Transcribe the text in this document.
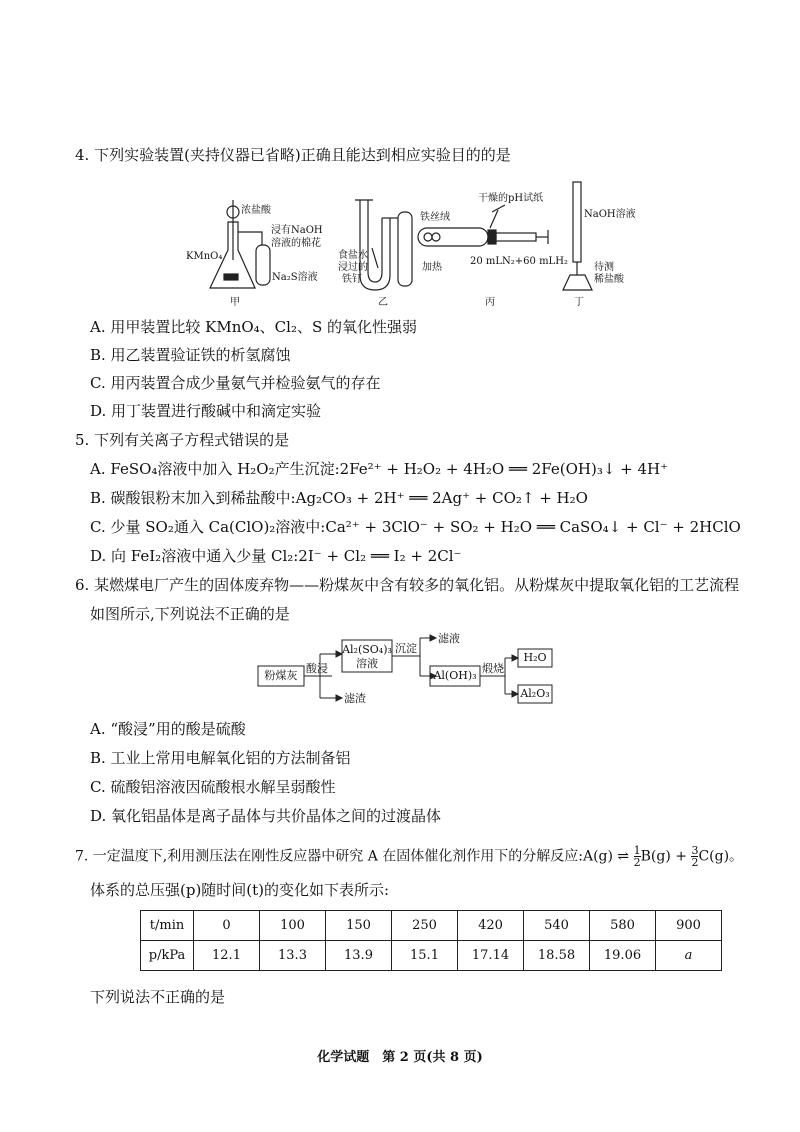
4. 下列实验装置(夹持仪器已省略)正确且能达到相应实验目的的是
浓盐酸
浸有NaOH
溶液的棉花
KMnO₄
Na₂S溶液
甲
食盐水
浸过的
铁钉
乙
铁丝绒
加热
干燥的pH试纸
20 mLN₂+60 mLH₂
丙
NaOH溶液
待测
稀盐酸
丁
A. 用甲装置比较 KMnO₄、Cl₂、S 的氧化性强弱
B. 用乙装置验证铁的析氢腐蚀
C. 用丙装置合成少量氨气并检验氨气的存在
D. 用丁装置进行酸碱中和滴定实验
5. 下列有关离子方程式错误的是
A. FeSO₄溶液中加入 H₂O₂产生沉淀:2Fe²⁺ + H₂O₂ + 4H₂O ══ 2Fe(OH)₃↓ + 4H⁺
B. 碳酸银粉末加入到稀盐酸中:Ag₂CO₃ + 2H⁺ ══ 2Ag⁺ + CO₂↑ + H₂O
C. 少量 SO₂通入 Ca(ClO)₂溶液中:Ca²⁺ + 3ClO⁻ + SO₂ + H₂O ══ CaSO₄↓ + Cl⁻ + 2HClO
D. 向 FeI₂溶液中通入少量 Cl₂:2I⁻ + Cl₂ ══ I₂ + 2Cl⁻
6. 某燃煤电厂产生的固体废弃物——粉煤灰中含有较多的氧化铝。从粉煤灰中提取氧化铝的工艺流程
如图所示,下列说法不正确的是
粉煤灰
酸浸
Al₂(SO₄)₃
溶液
滤渣
沉淀
滤液
Al(OH)₃
煅烧
H₂O
Al₂O₃
A. “酸浸”用的酸是硫酸
B. 工业上常用电解氧化铝的方法制备铝
C. 硫酸铝溶液因硫酸根水解呈弱酸性
D. 氧化铝晶体是离子晶体与共价晶体之间的过渡晶体
7. 一定温度下,利用测压法在刚性反应器中研究 A 在固体催化剂作用下的分解反应:A(g) ⇌ $\frac{1}{2} B(g) + \frac{3}{2} C(g)$。
体系的总压强(p)随时间(t)的变化如下表所示:
t/min	0	100	150	250	420	540	580	900
p/kPa	12.1	13.3	13.9	15.1	17.14	18.58	19.06	a
下列说法不正确的是
化学试题　第 2 页(共 8 页)
